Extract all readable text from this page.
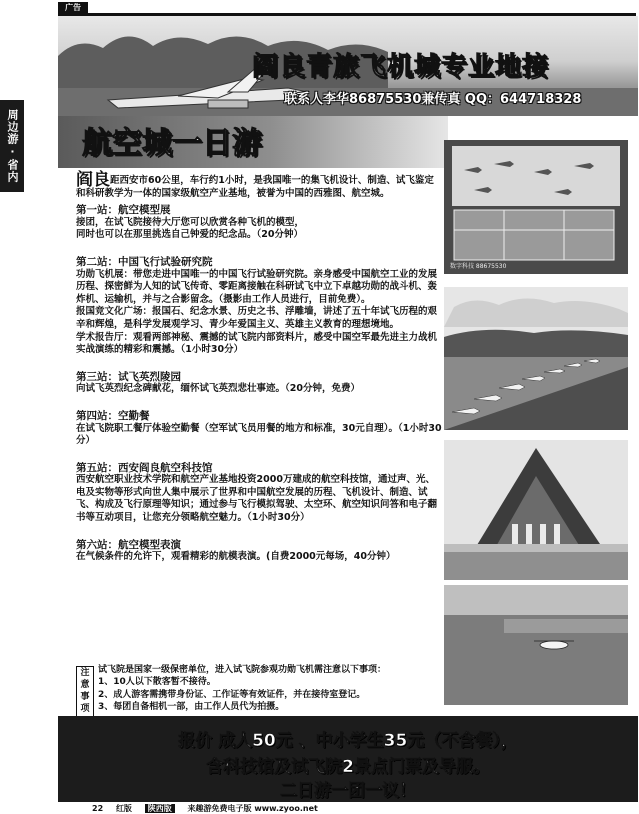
广告
周边游·省内
阎良青旅飞机城专业地接
联系人李华86875530兼传真 QQ：644718328
航空城一日游

阎良距西安市60公里，车行约1小时，是我国唯一的集飞机设计、制造、试飞鉴定和科研教学为一体的国家级航空产业基地，被誉为中国的西雅图、航空城。

第一站：航空模型展

接团，在试飞院接待大厅您可以欣赏各种飞机的模型，

同时也可以在那里挑选自己钟爱的纪念品。（20分钟）

第二站：中国飞行试验研究院

功勋飞机展：带您走进中国唯一的中国飞行试验研究院。亲身感受中国航空工业的发展历程、探密鲜为人知的试飞传奇、零距离接触在科研试飞中立下卓越功勋的战斗机、轰炸机、运输机，并与之合影留念。（摄影由工作人员进行，目前免费）。

报国竞文化广场：报国石、纪念水景、历史之书、浮雕墙，讲述了五十年试飞历程的艰辛和辉煌，是科学发展观学习、青少年爱国主义、英雄主义教育的理想境地。

学术报告厅：观看两部神秘、震撼的试飞院内部资料片，感受中国空军最先进主力战机实战演练的精彩和震撼。（1小时30分）

第三站：试飞英烈陵园

向试飞英烈纪念碑献花，缅怀试飞英烈悲壮事迹。（20分钟，免费）

第四站：空勤餐

在试飞院职工餐厅体验空勤餐（空军试飞员用餐的地方和标准，30元自理）。（1小时30分）

第五站：西安阎良航空科技馆

西安航空职业技术学院和航空产业基地投资2000万建成的航空科技馆，通过声、光、电及实物等形式向世人集中展示了世界和中国航空发展的历程、飞机设计、制造、试飞、构成及飞行原理等知识；通过参与飞行模拟驾驶、太空环、航空知识问答和电子翻书等互动项目，让您充分领略航空魅力。（1小时30分）

第六站：航空模型表演

在气候条件的允许下，观看精彩的航模表演。(自费2000元每场，40分钟）

数字科技 88675530
注意事项

试飞院是国家一级保密单位，进入试飞院参观功勋飞机需注意以下事项：

1、10人以下散客暂不接待。

2、成人游客需携带身份证、工作证等有效证件，并在接待室登记。

3、每团自备相机一部，由工作人员代为拍摄。

报价 成人50元 、中小学生35元（不含餐），
含科技馆及试飞院2景点门票及导服。
二日游一团一议！
22 红版 陕西版 来趣游免费电子版 www.zyoo.net
